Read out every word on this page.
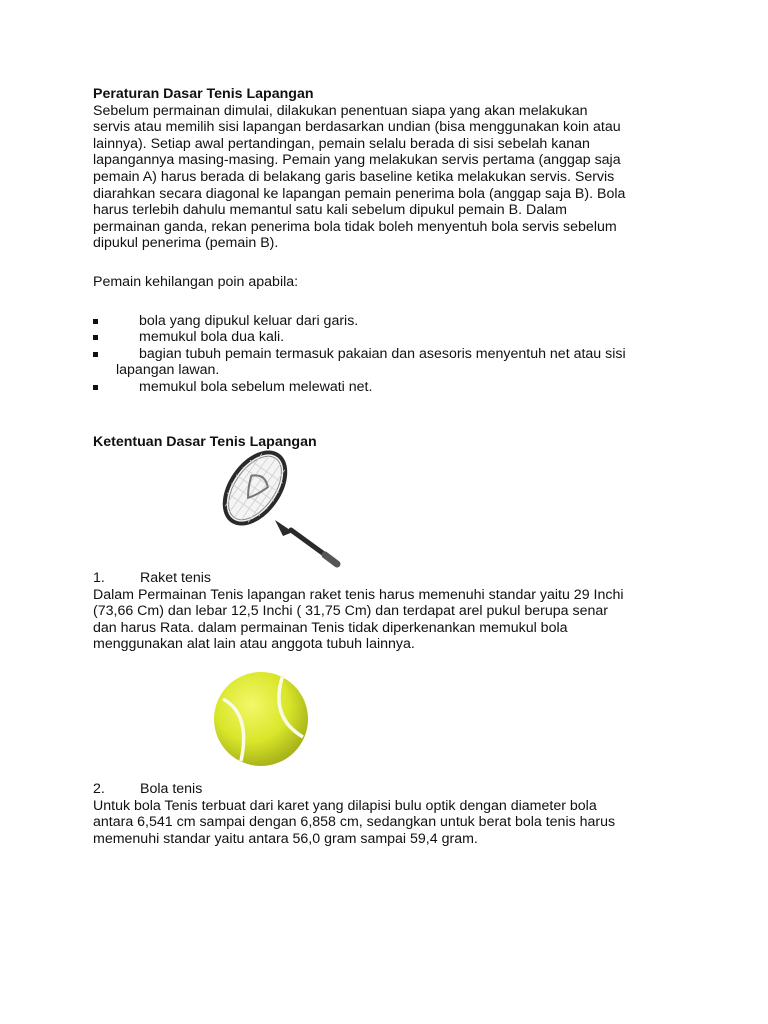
Peraturan Dasar Tenis Lapangan

Sebelum permainan dimulai, dilakukan penentuan siapa yang akan melakukan
servis atau memilih sisi lapangan berdasarkan undian (bisa menggunakan koin atau
lainnya). Setiap awal pertandingan, pemain selalu berada di sisi sebelah kanan
lapangannya masing-masing. Pemain yang melakukan servis pertama (anggap saja
pemain A) harus berada di belakang garis baseline ketika melakukan servis. Servis
diarahkan secara diagonal ke lapangan pemain penerima bola (anggap saja B). Bola
harus terlebih dahulu memantul satu kali sebelum dipukul pemain B. Dalam
permainan ganda, rekan penerima bola tidak boleh menyentuh bola servis sebelum
dipukul penerima (pemain B).

Pemain kehilangan poin apabila:

bola yang dipukul keluar dari garis.
memukul bola dua kali.
bagian tubuh pemain termasuk pakaian dan asesoris menyentuh net atau sisi
lapangan lawan.
memukul bola sebelum melewati net.

Ketentuan Dasar Tenis Lapangan

1.	Raket tenis
Dalam Permainan Tenis lapangan raket tenis harus memenuhi standar yaitu 29 Inchi
(73,66 Cm) dan lebar 12,5 Inchi ( 31,75 Cm) dan terdapat arel pukul berupa senar
dan harus Rata. dalam permainan Tenis tidak diperkenankan memukul bola
menggunakan alat lain atau anggota tubuh lainnya.
2.	Bola tenis
Untuk bola Tenis terbuat dari karet yang dilapisi bulu optik dengan diameter bola
antara 6,541 cm sampai dengan 6,858 cm, sedangkan untuk berat bola tenis harus
memenuhi standar yaitu antara 56,0 gram sampai 59,4 gram.
